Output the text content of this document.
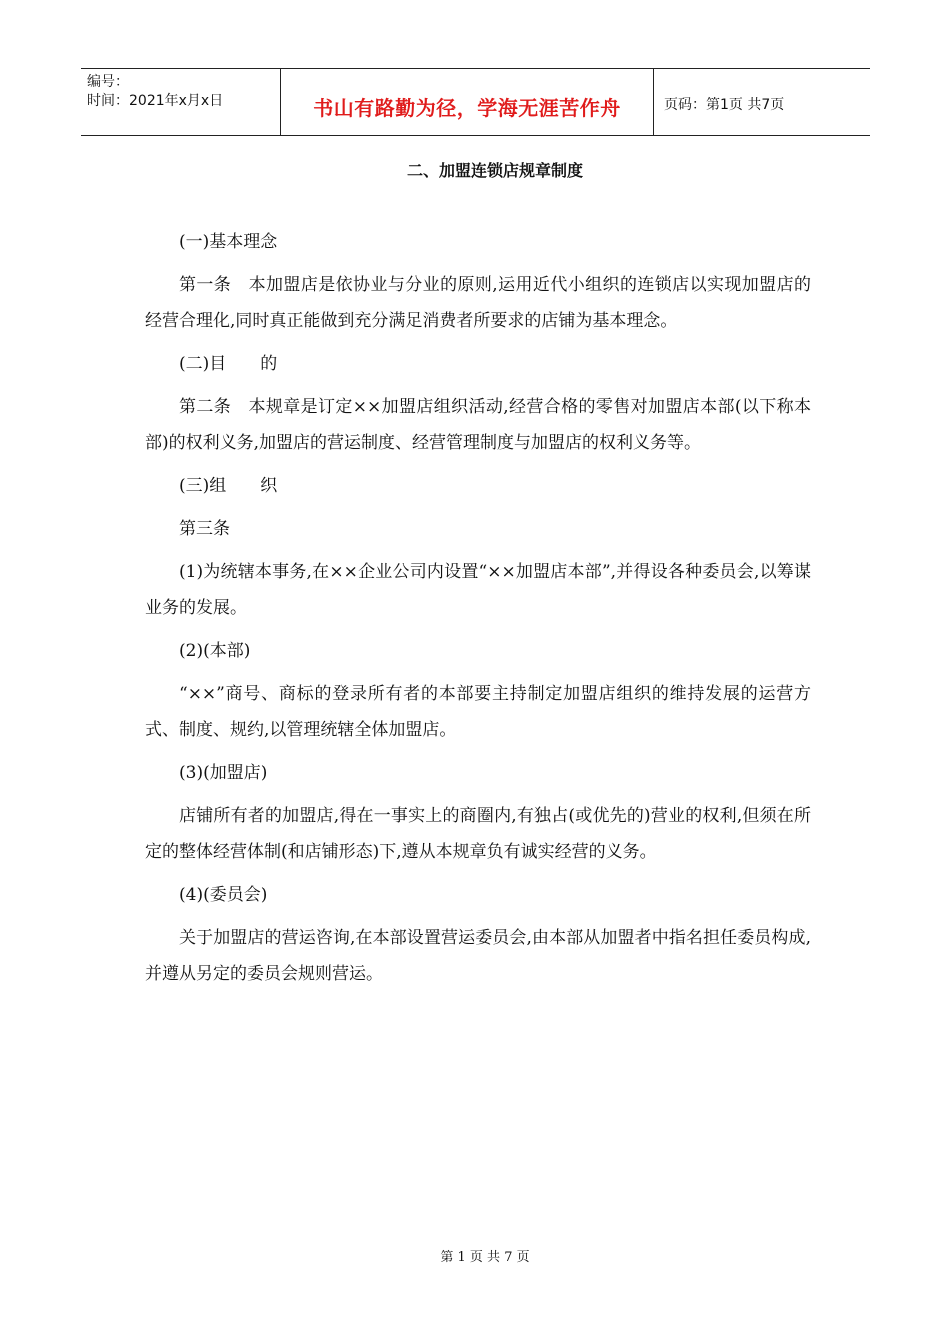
编号：
时间：2021年x月x日	书山有路勤为径，学海无涯苦作舟	页码：第1页 共7页
二、加盟连锁店规章制度

(一)基本理念

第一条　本加盟店是依协业与分业的原则,运用近代小组织的连锁店以实现加盟店的经营合理化,同时真正能做到充分满足消费者所要求的店铺为基本理念。

(二)目　　的

第二条　本规章是订定××加盟店组织活动,经营合格的零售对加盟店本部(以下称本部)的权利义务,加盟店的营运制度、经营管理制度与加盟店的权利义务等。

(三)组　　织

第三条

(1)为统辖本事务,在××企业公司内设置“××加盟店本部”,并得设各种委员会,以筹谋业务的发展。

(2)(本部)

“××”商号、商标的登录所有者的本部要主持制定加盟店组织的维持发展的运营方式、制度、规约,以管理统辖全体加盟店。

(3)(加盟店)

店铺所有者的加盟店,得在一事实上的商圈内,有独占(或优先的)营业的权利,但须在所定的整体经营体制(和店铺形态)下,遵从本规章负有诚实经营的义务。

(4)(委员会)

关于加盟店的营运咨询,在本部设置营运委员会,由本部从加盟者中指名担任委员构成,并遵从另定的委员会规则营运。

第 1 页 共 7 页
